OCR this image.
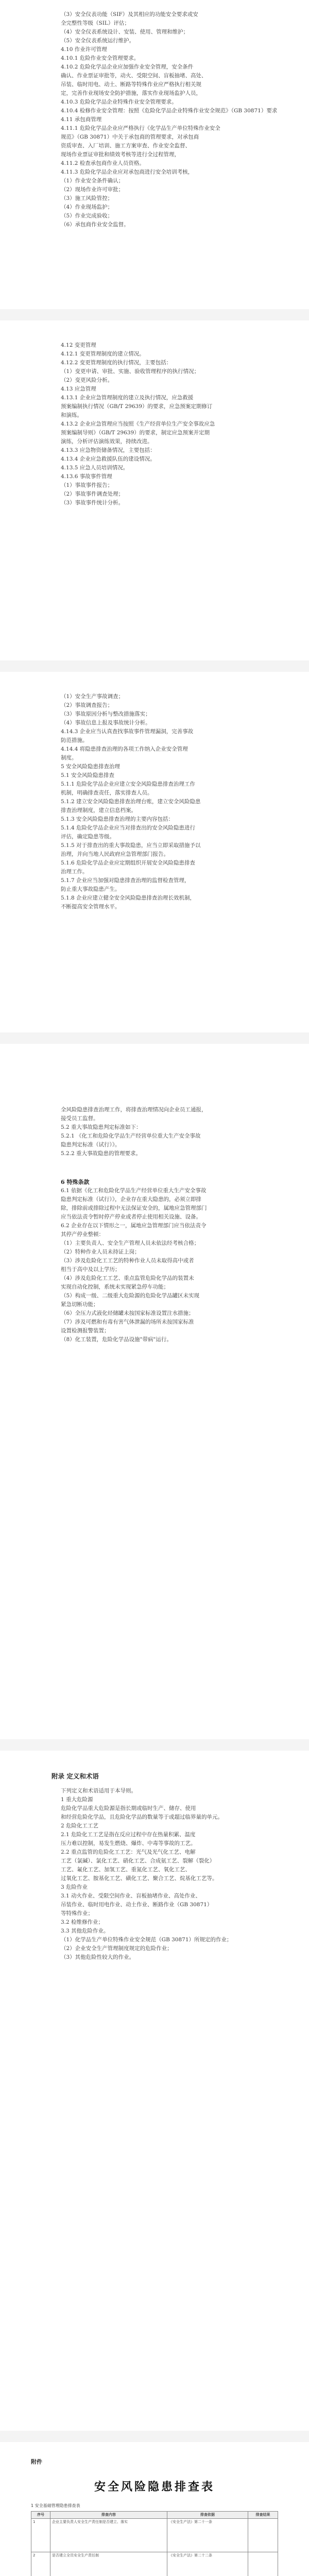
（3）安全仪表功能（SIF）及其相应的功能安全要求或安
全完整性等级（SIL）评估；
（4）安全仪表系统设计、安装、使用、管理和维护；
（5）安全仪表系统运行维护。
4.10 作业许可管理
4.10.1 危险作业安全管理要求。
4.10.2 危险化学品企业应加强作业安全管理，安全条件
确认、作业票证审批等，动火、受限空间、盲板抽堵、高处、
吊装、临时用电、动土、断路等特殊作业应严格执行相关规
定，完善作业现场安全防护措施，落实作业现场监护人员，
4.10.3 危险化学品企业特殊作业安全管理要求。
4.10.4 检修作业安全管理：按照《危险化学品企业特殊作业安全规范》（GB 30871）要求
4.11 承包商管理
4.11.1 危险化学品企业应严格执行《化学品生产单位特殊作业安全
规范》（GB 30871）中关于承包商的管理要求，对承包商
资质审查、入厂培训、施工方案审查、作业安全监督、
现场作业票证审批和绩效考核等进行全过程管理，
4.11.2 检查承包商作业人员资格。
4.11.3 危险化学品企业应对承包商进行安全培训考核，
（1）作业安全条件确认；
（2）现场作业许可审批；
（3）施工风险管控；
（4）作业现场监护；
（5）作业完成验收；
（6）承包商作业安全监督。
4.12 变更管理
4.12.1 变更管理制度的建立情况。
4.12.2 变更管理制度的执行情况，主要包括：
（1）变更申请、审批、实施、验收管理程序的执行情况；
（2）变更风险分析。
4.13 应急管理
4.13.1 企业应急管理制度的建立及执行情况，应急救援
预案编制执行情况（GB/T 29639）的要求，应急预案定期修订
和演练。
4.13.2 企业应急管理应当按照《生产经营单位生产安全事故应急
预案编制导则》（GB/T 29639）的要求，制定应急预案并定期
演练，分析评估演练效果，持续改进。
4.13.3 应急物资储备情况，主要包括：
4.13.4 企业应急救援队伍的建设情况。
4.13.5 应急人员培训情况。
4.13.6 事故事件管理
（1）事故事件报告；
（2）事故事件调查处理；
（3）事故事件统计分析。
（1）安全生产事故调查；
（2）事故调查报告；
（3）事故原因分析与整改措施落实；
（4）事故信息上报及事故统计分析。
4.14.3 企业应当认真查找事故事件管理漏洞，完善事故
防范措施。
4.14.4 将隐患排查治理的各项工作纳入企业安全管理
制度。
5 安全风险隐患排查治理
5.1 安全风险隐患排查
5.1.1 危险化学品企业应建立安全风险隐患排查治理工作
机制，明确排查责任，落实排查人员。
5.1.2 建立安全风险隐患排查治理台账，建立安全风险隐患
排查治理制度，建立信息档案。
5.1.3 安全风险隐患排查治理的主要内容包括：
5.1.4 危险化学品企业应当对排查出的安全风险隐患进行
评估，确定隐患等级。
5.1.5 对于排查出的重大事故隐患，应当立即采取措施予以
治理，并向当地人民政府应急管理部门报告。
5.1.6 危险化学品企业应定期组织开展安全风险隐患排查
治理工作。
5.1.7 企业应当加强对隐患排查治理的监督检查管理，
防止重大事故隐患产生。
5.1.8 企业应建立健全安全风险隐患排查治理长效机制，
不断提高安全管理水平。
全风险隐患排查治理工作，将排查治理情况向企业员工通报，
接受员工监督。
5.2 重大事故隐患判定标准如下：
5.2.1 《化工和危险化学品生产经营单位重大生产安全事故
隐患判定标准（试行）》。
5.2.2 重大事故隐患的管理要求。
6 特殊条款
6.1 依据《化工和危险化学品生产经营单位重大生产安全事故
隐患判定标准（试行）》，企业存在重大隐患的，必须立即排
除，排除前或排除过程中无法保证安全的，属地应急管理部门
应当依法责令暂时停产停业或者停止使用相关设施、设备。
6.2 企业存在以下情形之一，属地应急管理部门应当依法责令
其停产停业整顿：
（1）主要负责人、安全生产管理人员未依法经考核合格；
（2）特种作业人员未持证上岗；
（3）涉及危险化工工艺的特种作业人员未取得高中或者
相当于高中及以上学历；
（4）涉及危险化工工艺、重点监管危险化学品的装置未
实现自动化控制，系统未实现紧急停车功能；
（5）构成一级、二级重大危险源的危险化学品罐区未实现
紧急切断功能；
（6）全压力式液化烃储罐未按国家标准设置注水措施；
（7）涉及可燃和有毒有害气体泄漏的场所未按国家标准
设置检测报警装置；
（8）化工装置，危险化学品设施"带病"运行。
附录 定义和术语
下列定义和术语适用于本导则。
1 重大危险源
危险化学品重大危险源是指长期或临时生产、储存、使用
和经营危险化学品，且危险化学品的数量等于或超过临界量的单元。
2 危险化工工艺
2.1 危险化工工艺是指在反应过程中存在热量积累、温度
压力难以控制，易发生燃烧、爆炸、中毒等事故的工艺。
2.2 重点监管的危险化工工艺：光气及光气化工艺、电解
工艺（氯碱）、氯化工艺、硝化工艺、合成氨工艺、裂解（裂化）
工艺、氟化工艺、加氢工艺、重氮化工艺、氧化工艺、
过氧化工艺、胺基化工艺、磺化工艺、聚合工艺、烷基化工艺等。
3 危险作业
3.1 动火作业、受限空间作业、盲板抽堵作业、高处作业、
吊装作业、临时用电作业、动土作业、断路作业（GB 30871）
等特殊作业；
3.2 检维修作业；
3.3 其他危险作业。
（1）化学品生产单位特殊作业安全规范（GB 30871）所规定的作业；
（2）企业安全生产管理制度规定的危险作业；
（3）其他危险性较大的作业。
附件
安全风险隐患排查表
1 安全基础管理隐患排查表
序号	排查内容	排查依据	排查结果
1	企业主要负责人安全生产责任制是否建立、落实	《安全生产法》第二十一条	
2	是否建立全员安全生产责任制	《安全生产法》第二十二条	
